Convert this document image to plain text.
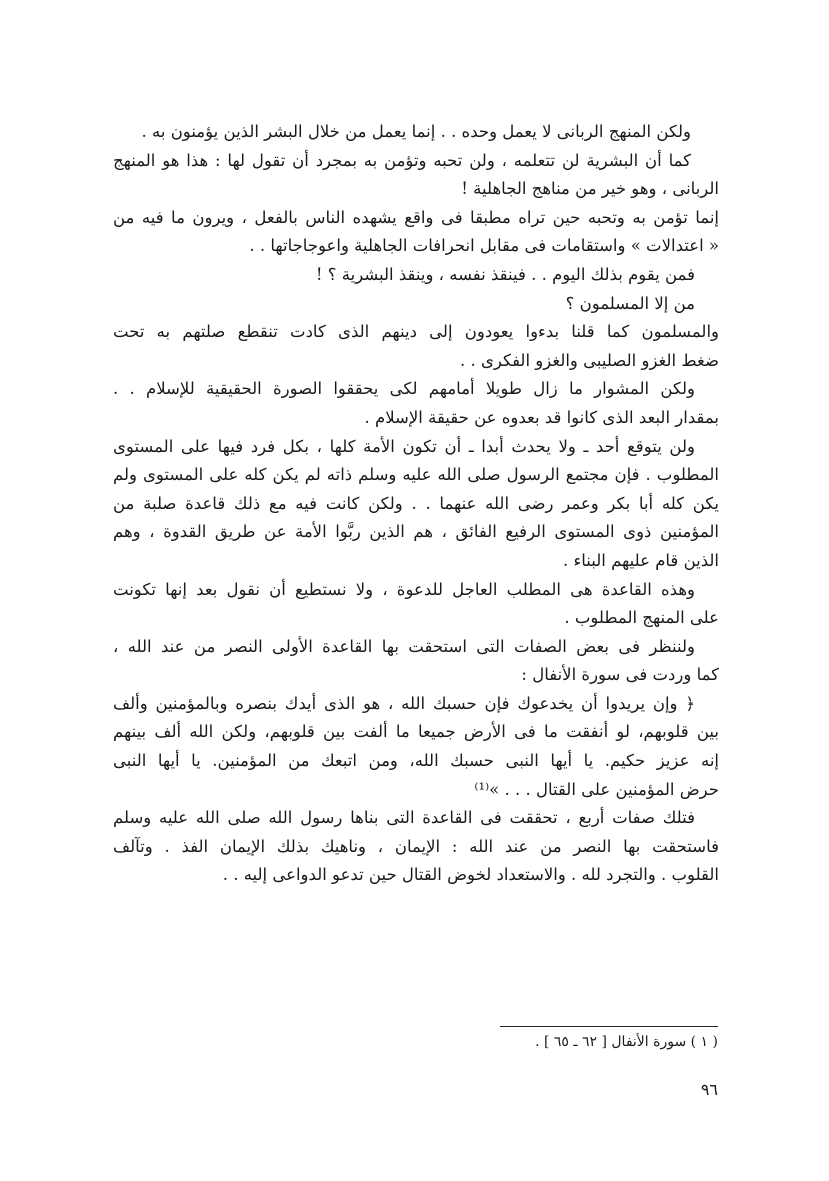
ولكن المنهج الربانى لا يعمل وحده . . إنما يعمل من خلال البشر الذين يؤمنون به .
كما أن البشرية لن تتعلمه ، ولن تحبه وتؤمن به بمجرد أن تقول لها : هذا هو المنهج
الربانى ، وهو خير من مناهج الجاهلية !
إنما تؤمن به وتحبه حين تراه مطبقا فى واقع يشهده الناس بالفعل ، ويرون ما فيه من
« اعتدالات » واستقامات فى مقابل انحرافات الجاهلية واعوجاجاتها . .
فمن يقوم بذلك اليوم . . فينقذ نفسه ، وينقذ البشرية ؟ !
من إلا المسلمون ؟
والمسلمون كما قلنا بدءوا يعودون إلى دينهم الذى كادت تنقطع صلتهم به تحت
ضغط الغزو الصليبى والغزو الفكرى . .
ولكن المشوار ما زال طويلا أمامهم لكى يحققوا الصورة الحقيقية للإسلام . .
بمقدار البعد الذى كانوا قد بعدوه عن حقيقة الإسلام .
ولن يتوقع أحد ـ ولا يحدث أبدا ـ أن تكون الأمة كلها ، بكل فرد فيها على المستوى
المطلوب . فإن مجتمع الرسول صلى الله عليه وسلم ذاته لم يكن كله على المستوى ولم
يكن كله أبا بكر وعمر رضى الله عنهما . . ولكن كانت فيه مع ذلك قاعدة صلبة من
المؤمنين ذوى المستوى الرفيع الفائق ، هم الذين ربَّوا الأمة عن طريق القدوة ، وهم
الذين قام عليهم البناء .
وهذه القاعدة هى المطلب العاجل للدعوة ، ولا نستطيع أن نقول بعد إنها تكونت
على المنهج المطلوب .
ولننظر فى بعض الصفات التى استحقت بها القاعدة الأولى النصر من عند الله ،
كما وردت فى سورة الأنفال :
﴿ وإن يريدوا أن يخدعوك فإن حسبك الله ، هو الذى أيدك بنصره وبالمؤمنين وألف
بين قلوبهم، لو أنفقت ما فى الأرض جميعا ما ألفت بين قلوبهم، ولكن الله ألف بينهم
إنه عزيز حكيم. يا أيها النبى حسبك الله، ومن اتبعك من المؤمنين. يا أيها النبى
حرض المؤمنين على القتال . . . »⁽¹⁾
فتلك صفات أربع ، تحققت فى القاعدة التى بناها رسول الله صلى الله عليه وسلم
فاستحقت بها النصر من عند الله : الإيمان ، وناهيك بذلك الإيمان الفذ . وتآلف
القلوب . والتجرد لله . والاستعداد لخوض القتال حين تدعو الدواعى إليه . .
( ١ ) سورة الأنفال [ ٦٢ ـ ٦٥ ] .
٩٦
